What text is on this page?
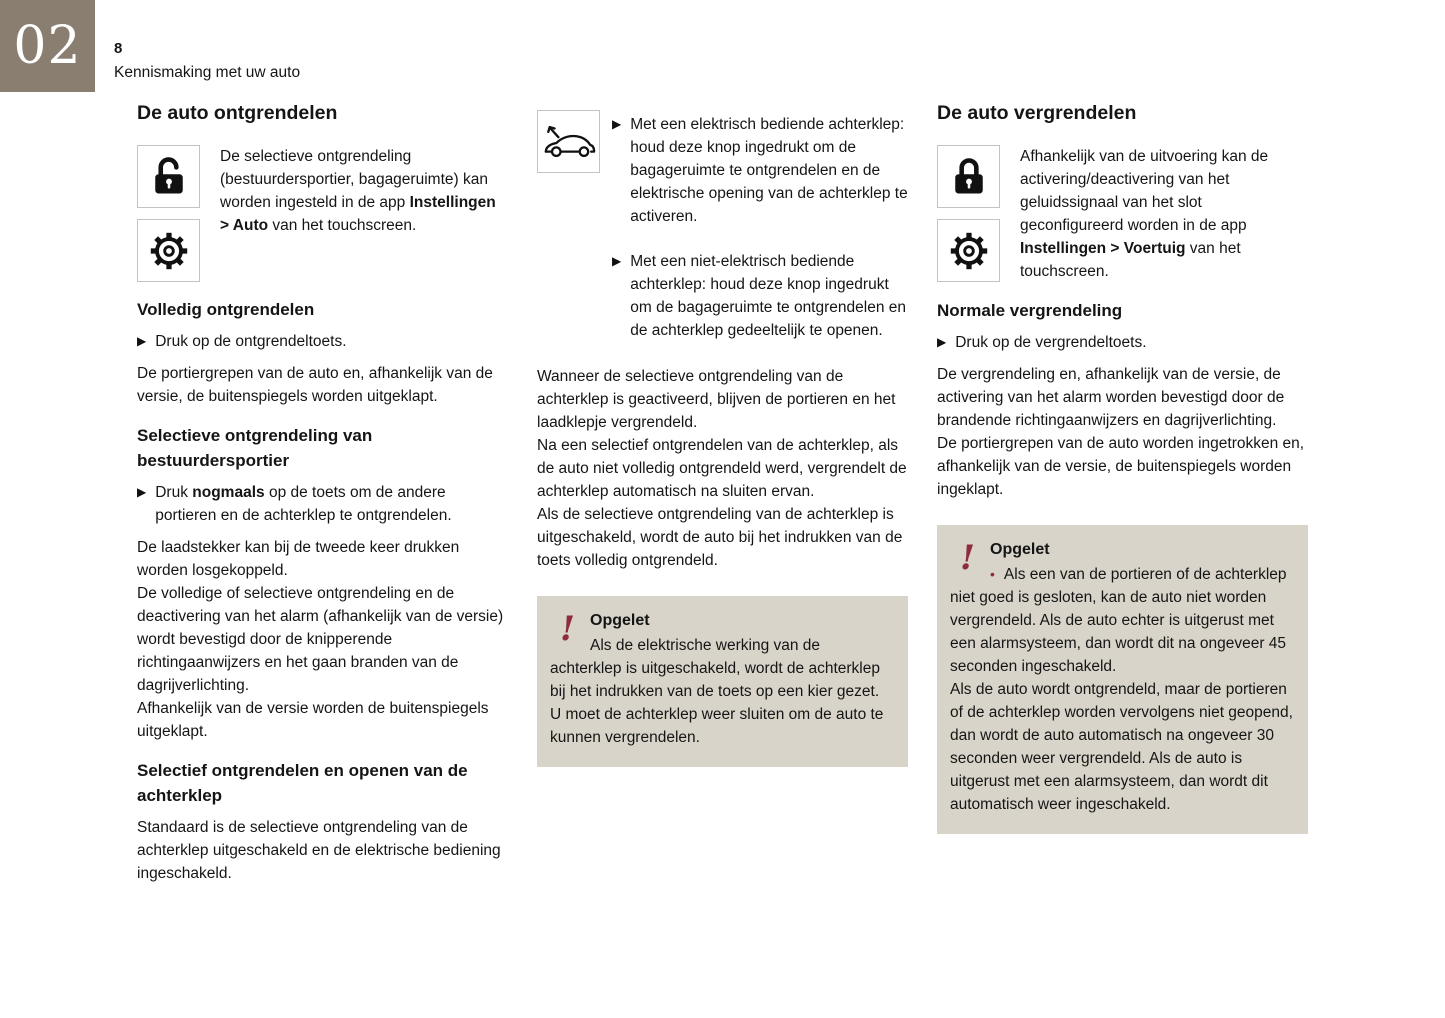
02 8
Kennismaking met uw auto
De auto ontgrendelen

De selectieve ontgrendeling (bestuurdersportier, bagageruimte) kan worden ingesteld in de app Instellingen > Auto van het touchscreen.

Volledig ontgrendelen
▶ Druk op de ontgrendeltoets.

De portiergrepen van de auto en, afhankelijk van de versie, de buitenspiegels worden uitgeklapt.

Selectieve ontgrendeling van bestuurdersportier
▶ Druk nogmaals op de toets om de andere portieren en de achterklep te ontgrendelen.

De laadstekker kan bij de tweede keer drukken worden losgekoppeld.

De volledige of selectieve ontgrendeling en de deactivering van het alarm (afhankelijk van de versie) wordt bevestigd door de knipperende richtingaanwijzers en het gaan branden van de dagrijverlichting.

Afhankelijk van de versie worden de buitenspiegels uitgeklapt.

Selectief ontgrendelen en openen van de achterklep

Standaard is de selectieve ontgrendeling van de achterklep uitgeschakeld en de elektrische bediening ingeschakeld.

▶ Met een elektrisch bediende achterklep: houd deze knop ingedrukt om de bagageruimte te ontgrendelen en de elektrische opening van de achterklep te activeren.
▶ Met een niet-elektrisch bediende achterklep: houd deze knop ingedrukt om de bagageruimte te ontgrendelen en de achterklep gedeeltelijk te openen.

Wanneer de selectieve ontgrendeling van de achterklep is geactiveerd, blijven de portieren en het laadklepje vergrendeld.

Na een selectief ontgrendelen van de achterklep, als de auto niet volledig ontgrendeld werd, vergrendelt de achterklep automatisch na sluiten ervan.

Als de selectieve ontgrendeling van de achterklep is uitgeschakeld, wordt de auto bij het indrukken van de toets volledig ontgrendeld.

! Opgelet

Als de elektrische werking van de achterklep is uitgeschakeld, wordt de achterklep bij het indrukken van de toets op een kier gezet.

U moet de achterklep weer sluiten om de auto te kunnen vergrendelen.

De auto vergrendelen

Afhankelijk van de uitvoering kan de activering/deactivering van het geluidssignaal van het slot geconfigureerd worden in de app Instellingen > Voertuig van het touchscreen.

Normale vergrendeling
▶ Druk op de vergrendeltoets.

De vergrendeling en, afhankelijk van de versie, de activering van het alarm worden bevestigd door de brandende richtingaanwijzers en dagrijverlichting.

De portiergrepen van de auto worden ingetrokken en, afhankelijk van de versie, de buitenspiegels worden ingeklapt.

! Opgelet

• Als een van de portieren of de achterklep niet goed is gesloten, kan de auto niet worden vergrendeld. Als de auto echter is uitgerust met een alarmsysteem, dan wordt dit na ongeveer 45 seconden ingeschakeld.

Als de auto wordt ontgrendeld, maar de portieren of de achterklep worden vervolgens niet geopend, dan wordt de auto automatisch na ongeveer 30 seconden weer vergrendeld. Als de auto is uitgerust met een alarmsysteem, dan wordt dit automatisch weer ingeschakeld.
